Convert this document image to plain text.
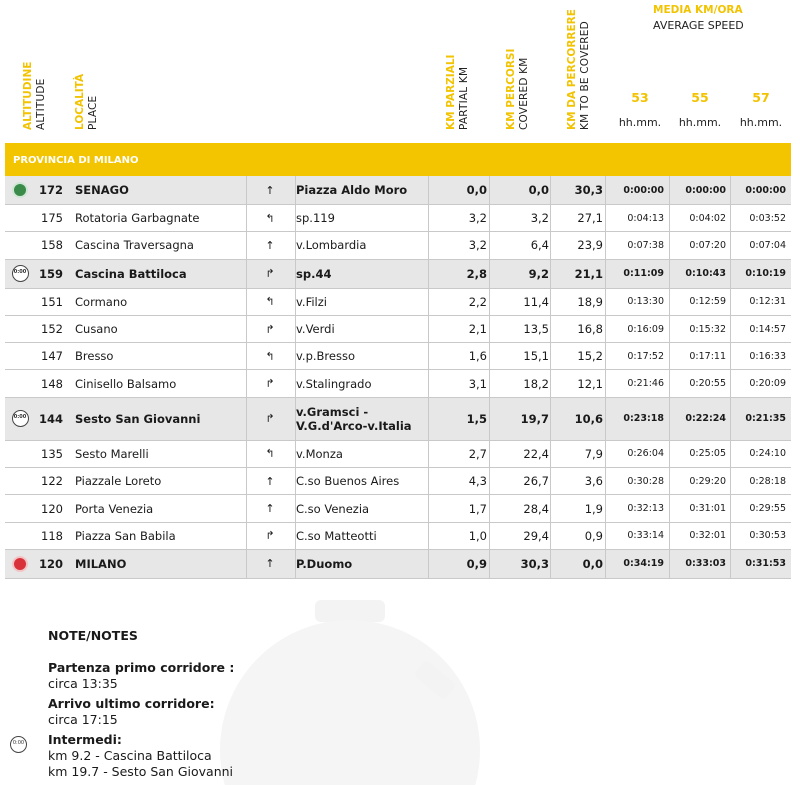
ALTITUDINE ALTITUDE	LOCALITÀ PLACE	KM PARZIALI PARTIAL KM	KM PERCORSI COVERED KM	KM DA PERCORRERE KM TO BE COVERED
MEDIA KM/ORA
AVERAGE SPEED
53	55	57
hh.mm.	hh.mm.	hh.mm.
PROVINCIA DI MILANO
172 SENAGO	↑	Piazza Aldo Moro	0,0	0,0	30,3	0:00:00	0:00:00	0:00:00
175 Rotatoria Garbagnate	↰	sp.119	3,2	3,2	27,1	0:04:13	0:04:02	0:03:52
158 Cascina Traversagna	↑	v.Lombardia	3,2	6,4	23,9	0:07:38	0:07:20	0:07:04
0:00
159 Cascina Battiloca	↱	sp.44	2,8	9,2	21,1	0:11:09	0:10:43	0:10:19
151 Cormano	↰	v.Filzi	2,2	11,4	18,9	0:13:30	0:12:59	0:12:31
152 Cusano	↱	v.Verdi	2,1	13,5	16,8	0:16:09	0:15:32	0:14:57
147 Bresso	↰	v.p.Bresso	1,6	15,1	15,2	0:17:52	0:17:11	0:16:33
148 Cinisello Balsamo	↱	v.Stalingrado	3,1	18,2	12,1	0:21:46	0:20:55	0:20:09
0:00
144 Sesto San Giovanni	↱	v.Gramsci -
V.G.d'Arco-v.Italia	1,5	19,7	10,6	0:23:18	0:22:24	0:21:35
135 Sesto Marelli	↰	v.Monza	2,7	22,4	7,9	0:26:04	0:25:05	0:24:10
122 Piazzale Loreto	↑	C.so Buenos Aires	4,3	26,7	3,6	0:30:28	0:29:20	0:28:18
120 Porta Venezia	↑	C.so Venezia	1,7	28,4	1,9	0:32:13	0:31:01	0:29:55
118 Piazza San Babila	↱	C.so Matteotti	1,0	29,4	0,9	0:33:14	0:32:01	0:30:53
120 MILANO	↑	P.Duomo	0,9	30,3	0,0	0:34:19	0:33:03	0:31:53
NOTE/NOTES
Partenza primo corridore :
circa 13:35
Arrivo ultimo corridore:
circa 17:15
Intermedi:
km 9.2 - Cascina Battiloca
km 19.7 - Sesto San Giovanni
0:00
